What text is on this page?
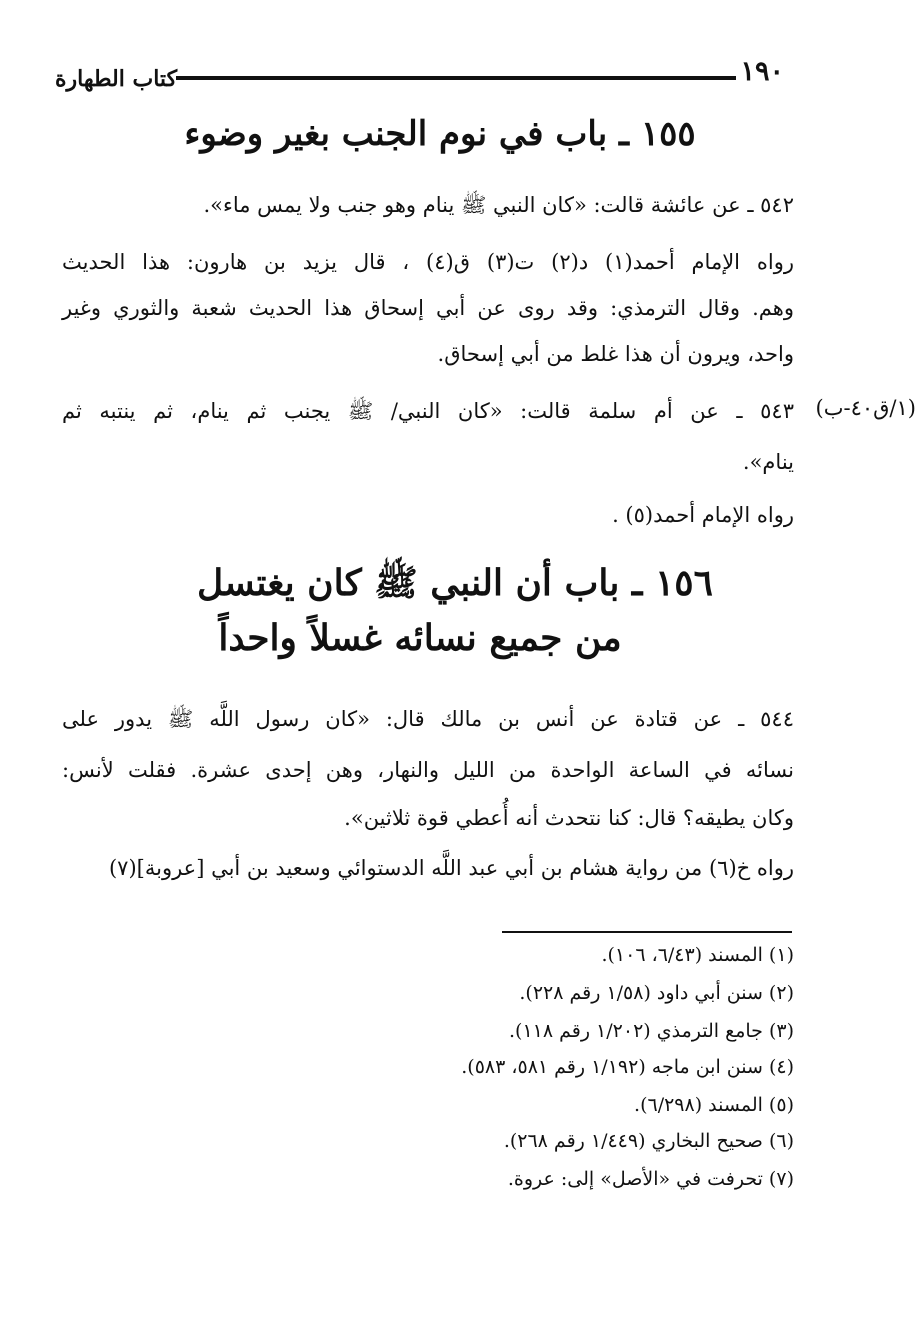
١٩٠
كتاب الطهارة
١٥٥ ـ باب في نوم الجنب بغير وضوء
٥٤٢ ـ عن عائشة قالت: «كان النبي ﷺ ينام وهو جنب ولا يمس ماء».
رواه الإمام أحمد(١) د(٢) ت(٣) ق(٤) ، قال يزيد بن هارون: هذا الحديث
وهم. وقال الترمذي: وقد روى عن أبي إسحاق هذا الحديث شعبة والثوري وغير
واحد، ويرون أن هذا غلط من أبي إسحاق.
(١/ق٤٠-ب)
٥٤٣ ـ عن أم سلمة قالت: «كان النبي/ ﷺ يجنب ثم ينام، ثم ينتبه ثم
ينام».
رواه الإمام أحمد(٥) .
١٥٦ ـ باب أن النبي ﷺ كان يغتسل
من جميع نسائه غسلاً واحداً
٥٤٤ ـ عن قتادة عن أنس بن مالك قال: «كان رسول اللَّه ﷺ يدور على
نسائه في الساعة الواحدة من الليل والنهار، وهن إحدى عشرة. فقلت لأنس:
وكان يطيقه؟ قال: كنا نتحدث أنه أُعطي قوة ثلاثين».
رواه خ(٦) من رواية هشام بن أبي عبد اللَّه الدستوائي وسعيد بن أبي [عروبة](٧)
(١) المسند (٦/٤٣، ١٠٦).
(٢) سنن أبي داود (١/٥٨ رقم ٢٢٨).
(٣) جامع الترمذي (١/٢٠٢ رقم ١١٨).
(٤) سنن ابن ماجه (١/١٩٢ رقم ٥٨١، ٥٨٣).
(٥) المسند (٦/٢٩٨).
(٦) صحيح البخاري (١/٤٤٩ رقم ٢٦٨).
(٧) تحرفت في «الأصل» إلى: عروة.
